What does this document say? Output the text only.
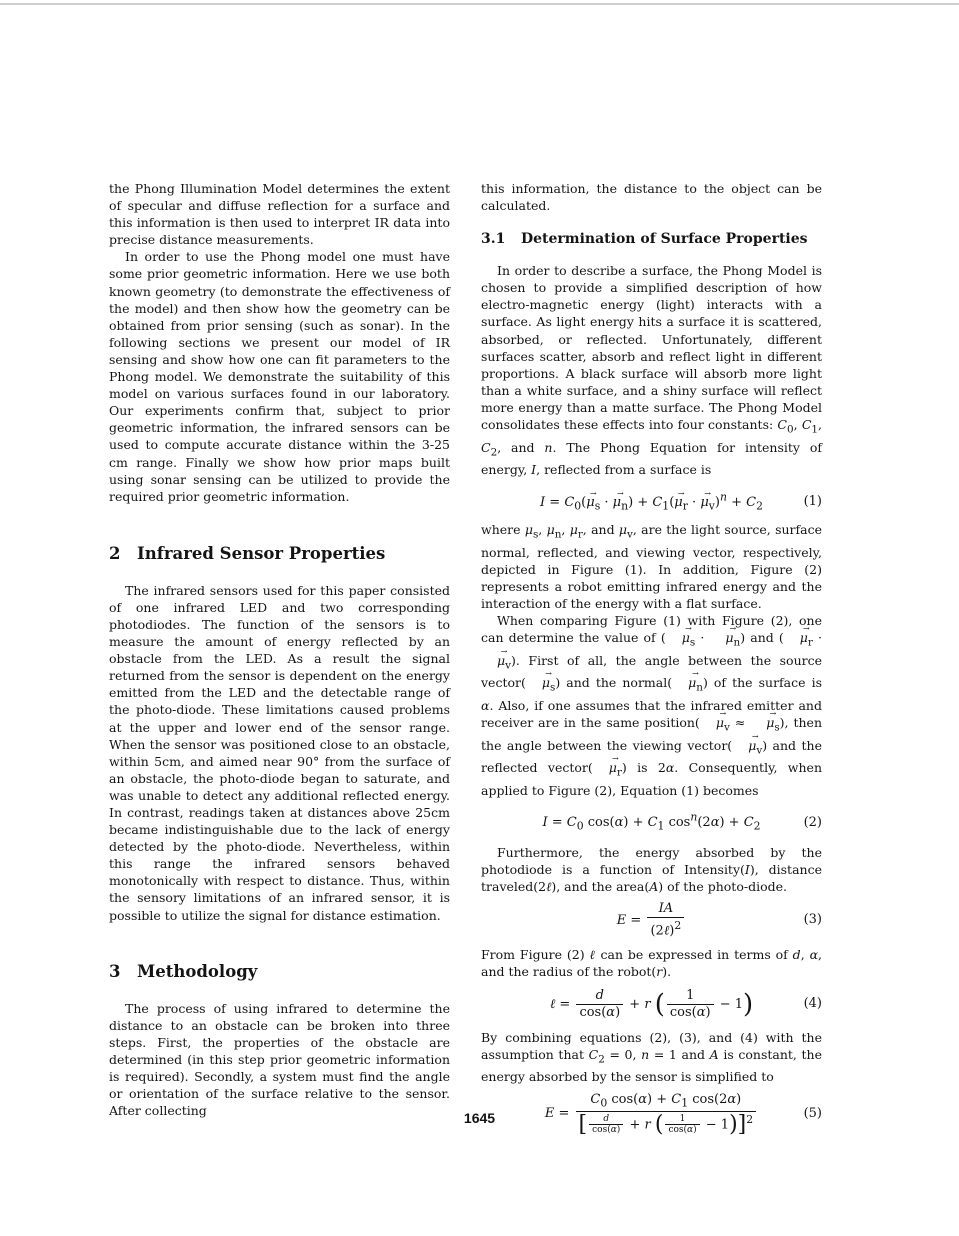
the Phong Illumination Model determines the extent of specular and diffuse reflection for a surface and this information is then used to interpret IR data into precise distance measurements.

In order to use the Phong model one must have some prior geometric information. Here we use both known geometry (to demonstrate the effectiveness of the model) and then show how the geometry can be obtained from prior sensing (such as sonar). In the following sections we present our model of IR sensing and show how one can fit parameters to the Phong model. We demonstrate the suitability of this model on various surfaces found in our laboratory. Our experiments confirm that, subject to prior geometric information, the infrared sensors can be used to compute accurate distance within the 3-25 cm range. Finally we show how prior maps built using sonar sensing can be utilized to provide the required prior geometric information.

2 Infrared Sensor Properties

The infrared sensors used for this paper consisted of one infrared LED and two corresponding photodiodes. The function of the sensors is to measure the amount of energy reflected by an obstacle from the LED. As a result the signal returned from the sensor is dependent on the energy emitted from the LED and the detectable range of the photo-diode. These limitations caused problems at the upper and lower end of the sensor range. When the sensor was positioned close to an obstacle, within 5cm, and aimed near 90° from the surface of an obstacle, the photo-diode began to saturate, and was unable to detect any additional reflected energy. In contrast, readings taken at distances above 25cm became indistinguishable due to the lack of energy detected by the photo-diode. Nevertheless, within this range the infrared sensors behaved monotonically with respect to distance. Thus, within the sensory limitations of an infrared sensor, it is possible to utilize the signal for distance estimation.

3 Methodology

The process of using infrared to determine the distance to an obstacle can be broken into three steps. First, the properties of the obstacle are determined (in this step prior geometric information is required). Secondly, a system must find the angle or orientation of the surface relative to the sensor. After collecting

this information, the distance to the object can be calculated.

3.1 Determination of Surface Properties

In order to describe a surface, the Phong Model is chosen to provide a simplified description of how electro-magnetic energy (light) interacts with a surface. As light energy hits a surface it is scattered, absorbed, or reflected. Unfortunately, different surfaces scatter, absorb and reflect light in different proportions. A black surface will absorb more light than a white surface, and a shiny surface will reflect more energy than a matte surface. The Phong Model consolidates these effects into four constants: $C_0$, $C_1$, $C_2$, and n. The Phong Equation for intensity of energy, I, reflected from a surface is

$I = C_0(\mu_s$ → · $\mu_n$ →) + $C_1(\mu_r$ → · $\mu_v \to)^n + C_2$	(1)

where $\mu_s$, $\mu_n$, $\mu_r$, and $\mu_v$, are the light source, surface normal, reflected, and viewing vector, respectively, depicted in Figure (1). In addition, Figure (2) represents a robot emitting infrared energy and the interaction of the energy with a flat surface.

When comparing Figure (1) with Figure (2), one can determine the value of ( $\mu_s$ → · $\mu_n$ →) and ( $\mu_r$ → · $\mu_v$ →). First of all, the angle between the source vector( $\mu_s$ →) and the normal( $\mu_n$ →) of the surface is α. Also, if one assumes that the infrared emitter and receiver are in the same position( $\mu_v$ → ≈ $\mu_s$ →), then the angle between the viewing vector( $\mu_v$ →) and the reflected vector( $\mu_r$ →) is 2α. Consequently, when applied to Figure (2), Equation (1) becomes

$I = C_0$ $\cos(\alpha) + C_1$ $\cos^n(2\alpha) + C_2$	(2)

Furthermore, the energy absorbed by the photodiode is a function of Intensity(I), distance traveled(2ℓ), and the area(A) of the photo-diode.

$E = \frac{IA}{(2\ell)^2}$	(3)

From Figure (2) ℓ can be expressed in terms of d, α, and the radius of the robot(r).

ℓ = $\frac{d}{\cos(\alpha)} + r$ ( $\frac{1}{\cos(\alpha)} - 1$)	(4)

By combining equations (2), (3), and (4) with the assumption that $C_2 = 0$, n = 1 and A is constant, the energy absorbed by the sensor is simplified to

$E = \frac{C_0 \cos(\alpha) + C_1 \cos(2\alpha)}{[ \frac{d}{\cos(\alpha)} + r ( \frac{1}{\cos(\alpha)} - 1)]^2}$	(5)
1645
